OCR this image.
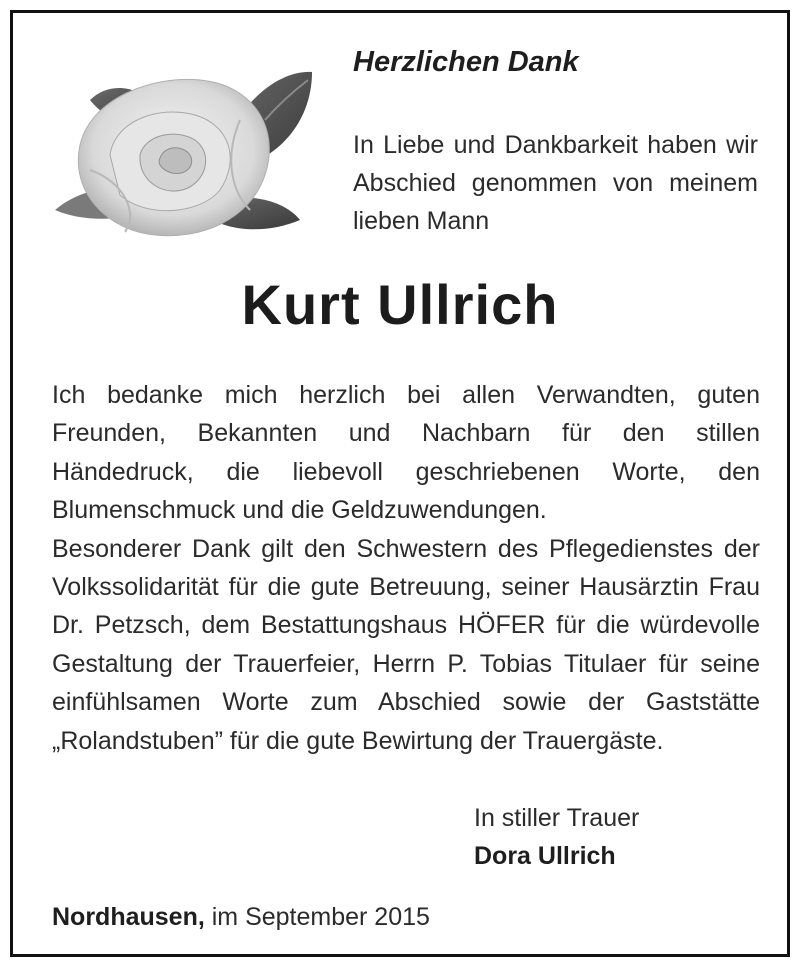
Herzlichen Dank
In Liebe und Dankbarkeit haben wir Abschied genommen von meinem lieben Mann
Kurt Ullrich

Ich bedanke mich herzlich bei allen Verwandten, guten Freunden, Bekannten und Nachbarn für den stillen Händedruck, die liebevoll geschriebenen Worte, den Blumenschmuck und die Geldzuwendungen.

Besonderer Dank gilt den Schwestern des Pflegedienstes der Volkssolidarität für die gute Betreuung, seiner Hausärztin Frau Dr. Petzsch, dem Bestattungshaus HÖFER für die würdevolle Gestaltung der Trauerfeier, Herrn P. Tobias Titulaer für seine einfühlsamen Worte zum Abschied sowie der Gaststätte „Rolandstuben” für die gute Bewirtung der Trauergäste.

In stiller Trauer
Dora Ullrich
Nordhausen, im September 2015
